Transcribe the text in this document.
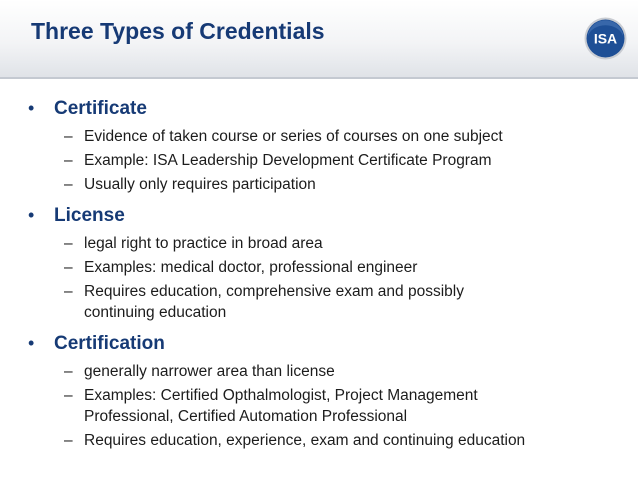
Three Types of Credentials	ISA
• Certificate
– Evidence of taken course or series of courses on one subject
– Example: ISA Leadership Development Certificate Program
– Usually only requires participation
• License
– legal right to practice in broad area
– Examples: medical doctor, professional engineer
– Requires education, comprehensive exam and possibly continuing education
• Certification
– generally narrower area than license
– Examples: Certified Opthalmologist, Project Management Professional, Certified Automation Professional
– Requires education, experience, exam and continuing education
